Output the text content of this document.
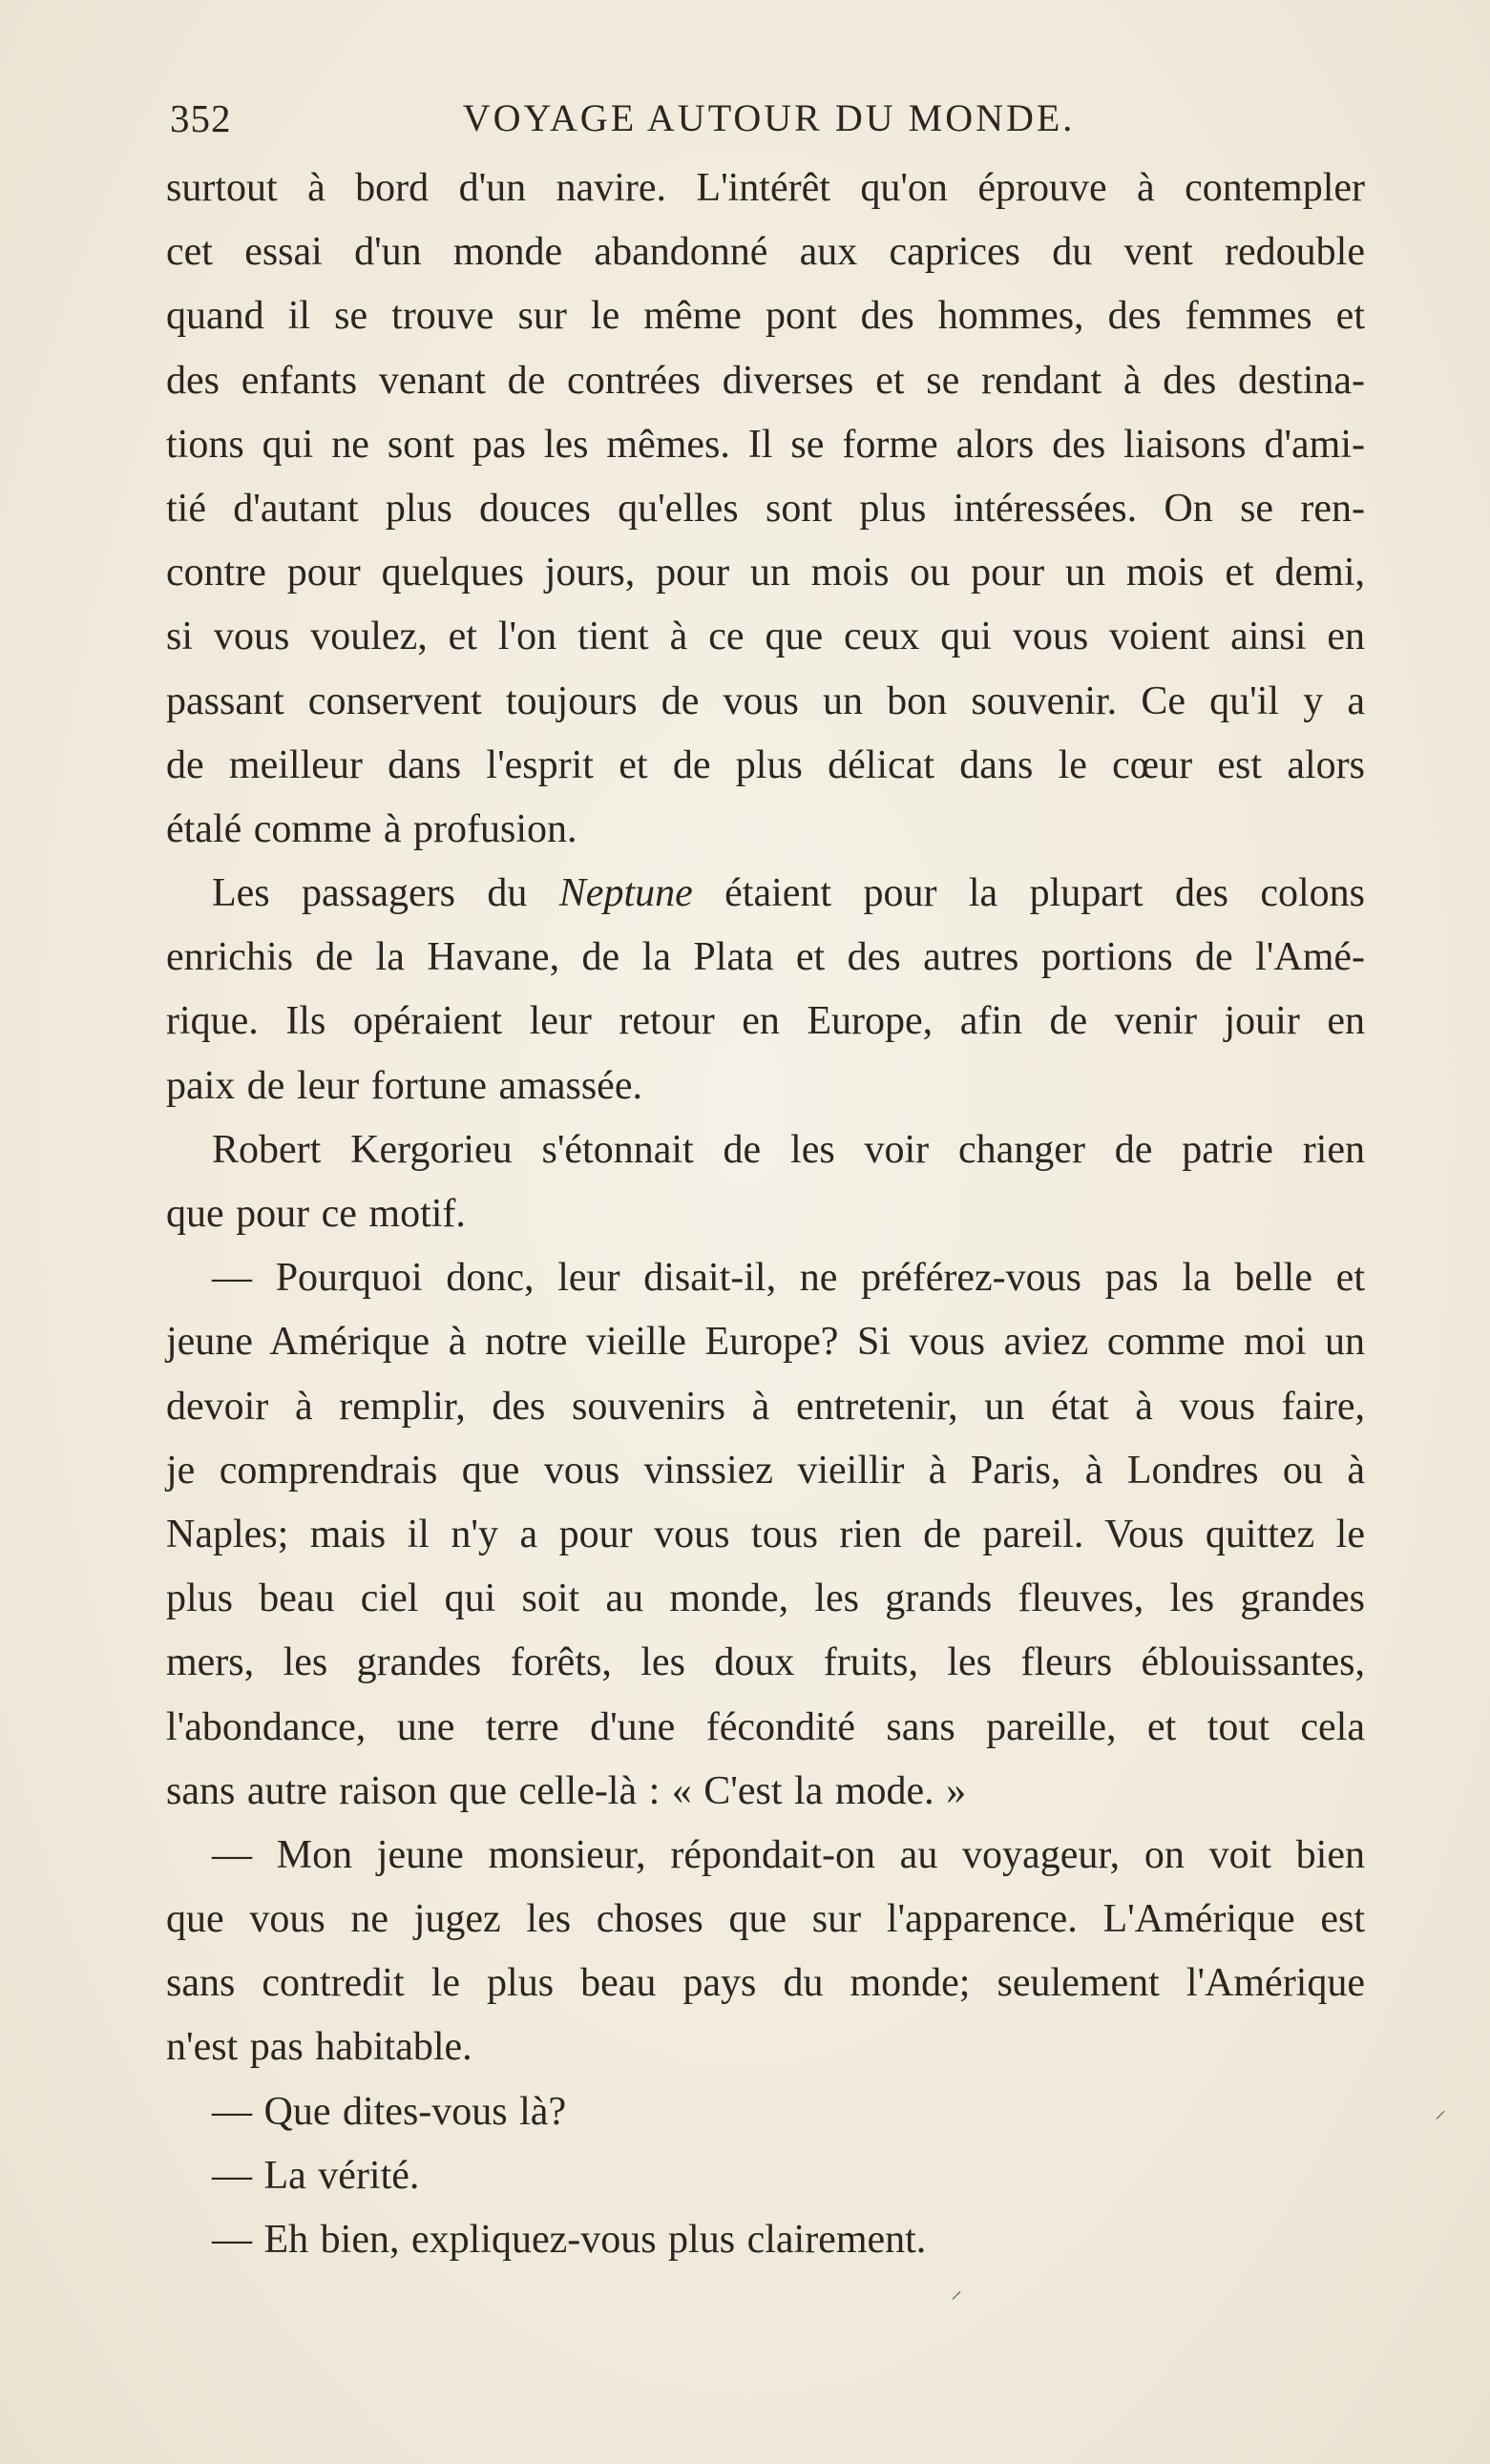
352	VOYAGE AUTOUR DU MONDE.
surtout à bord d'un navire. L'intérêt qu'on éprouve à contempler
cet essai d'un monde abandonné aux caprices du vent redouble
quand il se trouve sur le même pont des hommes, des femmes et
des enfants venant de contrées diverses et se rendant à des destina-
tions qui ne sont pas les mêmes. Il se forme alors des liaisons d'ami-
tié d'autant plus douces qu'elles sont plus intéressées. On se ren-
contre pour quelques jours, pour un mois ou pour un mois et demi,
si vous voulez, et l'on tient à ce que ceux qui vous voient ainsi en
passant conservent toujours de vous un bon souvenir. Ce qu'il y a
de meilleur dans l'esprit et de plus délicat dans le cœur est alors
étalé comme à profusion.
Les passagers du Neptune étaient pour la plupart des colons
enrichis de la Havane, de la Plata et des autres portions de l'Amé-
rique. Ils opéraient leur retour en Europe, afin de venir jouir en
paix de leur fortune amassée.
Robert Kergorieu s'étonnait de les voir changer de patrie rien
que pour ce motif.
— Pourquoi donc, leur disait-il, ne préférez-vous pas la belle et
jeune Amérique à notre vieille Europe? Si vous aviez comme moi un
devoir à remplir, des souvenirs à entretenir, un état à vous faire,
je comprendrais que vous vinssiez vieillir à Paris, à Londres ou à
Naples; mais il n'y a pour vous tous rien de pareil. Vous quittez le
plus beau ciel qui soit au monde, les grands fleuves, les grandes
mers, les grandes forêts, les doux fruits, les fleurs éblouissantes,
l'abondance, une terre d'une fécondité sans pareille, et tout cela
sans autre raison que celle-là : « C'est la mode. »
— Mon jeune monsieur, répondait-on au voyageur, on voit bien
que vous ne jugez les choses que sur l'apparence. L'Amérique est
sans contredit le plus beau pays du monde; seulement l'Amérique
n'est pas habitable.
— Que dites-vous là?
— La vérité.
— Eh bien, expliquez-vous plus clairement.
⸍
⸍
